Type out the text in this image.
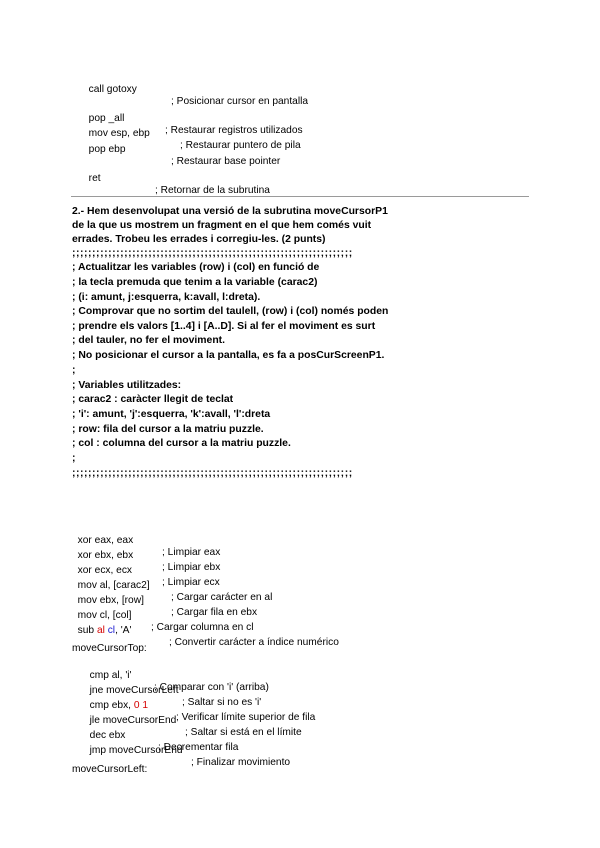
call gotoxy

; Posicionar cursor en pantalla

pop _all

; Restaurar registros utilizados

mov esp, ebp

; Restaurar puntero de pila

pop ebp

; Restaurar base pointer

ret

; Retornar de la subrutina

2.- Hem desenvolupat una versió de la subrutina moveCursorP1
de la que us mostrem un fragment en el que hem comés vuit
errades. Trobeu les errades i corregiu-les. (2 punts)
;;;;;;;;;;;;;;;;;;;;;;;;;;;;;;;;;;;;;;;;;;;;;;;;;;;;;;;;;;;;;;;;;;;;;;
; Actualitzar les variables (row) i (col) en funció de
; la tecla premuda que tenim a la variable (carac2)
; (i: amunt, j:esquerra, k:avall, l:dreta).
; Comprovar que no sortim del taulell, (row) i (col) només poden
; prendre els valors [1..4] i [A..D]. Si al fer el moviment es surt
; del tauler, no fer el moviment.
; No posicionar el cursor a la pantalla, es fa a posCurScreenP1.
;
; Variables utilitzades:
; carac2 : caràcter llegit de teclat
; 'i': amunt, 'j':esquerra, 'k':avall, 'l':dreta
; row: fila del cursor a la matriu puzzle.
; col : columna del cursor a la matriu puzzle.
;
;;;;;;;;;;;;;;;;;;;;;;;;;;;;;;;;;;;;;;;;;;;;;;;;;;;;;;;;;;;;;;;;;;;;;;

xor eax, eax

; Limpiar eax

xor ebx, ebx

; Limpiar ebx

xor ecx, ecx

; Limpiar ecx

mov al, [carac2]

; Cargar carácter en al

mov ebx, [row]

; Cargar fila en ebx

mov cl, [col]

; Cargar columna en cl

sub al cl, 'A'

; Convertir carácter a índice numérico

moveCursorTop:

cmp al, 'i'

; Comparar con 'i' (arriba)

jne moveCursorLeft

; Saltar si no es 'i'

cmp ebx, 0 1

; Verificar límite superior de fila

jle moveCursorEnd

; Saltar si está en el límite

dec ebx

; Decrementar fila

jmp moveCursorEnd

; Finalizar movimiento

moveCursorLeft:
